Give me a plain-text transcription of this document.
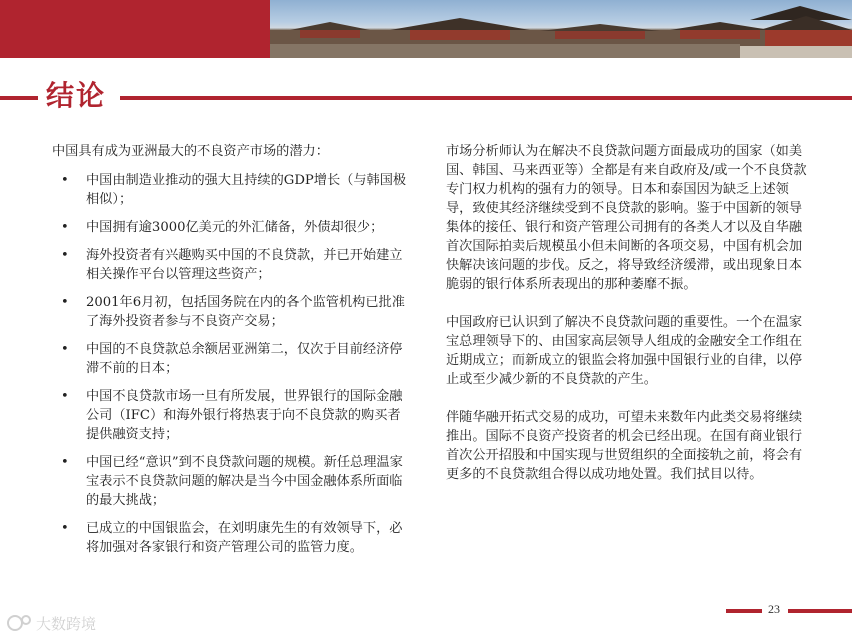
结论

中国具有成为亚洲最大的不良资产市场的潜力：

• 中国由制造业推动的强大且持续的GDP增长（与韩国极相似）；
• 中国拥有逾3000亿美元的外汇储备，外债却很少；
• 海外投资者有兴趣购买中国的不良贷款，并已开始建立相关操作平台以管理这些资产；
• 2001年6月初，包括国务院在内的各个监管机构已批准了海外投资者参与不良资产交易；
• 中国的不良贷款总余额居亚洲第二，仅次于目前经济停滞不前的日本；
• 中国不良贷款市场一旦有所发展，世界银行的国际金融公司（IFC）和海外银行将热衷于向不良贷款的购买者提供融资支持；
• 中国已经“意识”到不良贷款问题的规模。新任总理温家宝表示不良贷款问题的解决是当今中国金融体系所面临的最大挑战；
• 已成立的中国银监会，在刘明康先生的有效领导下，必将加强对各家银行和资产管理公司的监管力度。

市场分析师认为在解决不良贷款问题方面最成功的国家（如美国、韩国、马来西亚等）全都是有来自政府及/或一个不良贷款专门权力机构的强有力的领导。日本和泰国因为缺乏上述领导，致使其经济继续受到不良贷款的影响。鉴于中国新的领导集体的接任、银行和资产管理公司拥有的各类人才以及自华融首次国际拍卖后规模虽小但未间断的各项交易，中国有机会加快解决该问题的步伐。反之，将导致经济缓滞，或出现象日本脆弱的银行体系所表现出的那种萎靡不振。

中国政府已认识到了解决不良贷款问题的重要性。一个在温家宝总理领导下的、由国家高层领导人组成的金融安全工作组在近期成立；而新成立的银监会将加强中国银行业的自律，以停止或至少减少新的不良贷款的产生。

伴随华融开拓式交易的成功，可望未来数年内此类交易将继续推出。国际不良资产投资者的机会已经出现。在国有商业银行首次公开招股和中国实现与世贸组织的全面接轨之前，将会有更多的不良贷款组合得以成功地处置。我们拭目以待。

23
大数跨境
